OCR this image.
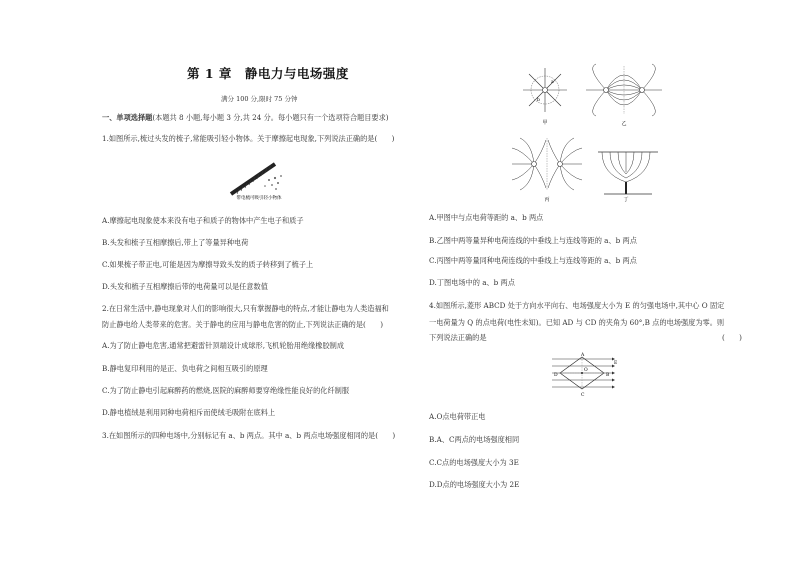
第 1 章　静电力与电场强度
满分 100 分,限时 75 分钟
一、单项选择题(本题共 8 小题,每小题 3 分,共 24 分。每小题只有一个选项符合题目要求)
1.如图所示,梳过头发的梳子,常能吸引轻小物体。关于摩擦起电现象,下列说法正确的是(　　)
带电梳可吸引轻小物体
A.摩擦起电现象使本来没有电子和质子的物体中产生电子和质子
B.头发和梳子互相摩擦后,带上了等量异种电荷
C.如果梳子带正电,可能是因为摩擦导致头发的质子转移到了梳子上
D.头发和梳子互相摩擦后带的电荷量可以是任意数值
2.在日常生活中,静电现象对人们的影响很大,只有掌握静电的特点,才能让静电为人类造福和
防止静电给人类带来的危害。关于静电的应用与静电危害的防止,下列说法正确的是(　　)
A.为了防止静电危害,通常把避雷针顶端设计成球形,飞机轮胎用绝缘橡胶制成
B.静电复印利用的是正、负电荷之间相互吸引的原理
C.为了防止静电引起麻醉药的燃烧,医院的麻醉师要穿绝缘性能良好的化纤制服
D.静电植绒是利用同种电荷相斥而使绒毛吸附在底料上
3.在如图所示的四种电场中,分别标记有 a、b 两点。其中 a、b 两点电场强度相同的是(　　)
a
b
甲	乙
丙	丁
A.甲图中与点电荷等距的 a、b 两点
B.乙图中两等量异种电荷连线的中垂线上与连线等距的 a、b 两点
C.丙图中两等量同种电荷连线的中垂线上与连线等距的 a、b 两点
D.丁图电场中的 a、b 两点
4.如图所示,菱形 ABCD 处于方向水平向右、电场强度大小为 E 的匀强电场中,其中心 O 固定
一电荷量为 Q 的点电荷(电性未知)。已知 AD 与 CD 的夹角为 60°,B 点的电场强度为零。则
下列说法正确的是	(　　)
A
B
C
D
O
E
A.O点电荷带正电
B.A、C两点的电场强度相同
C.C点的电场强度大小为 3E
D.D点的电场强度大小为 2E
